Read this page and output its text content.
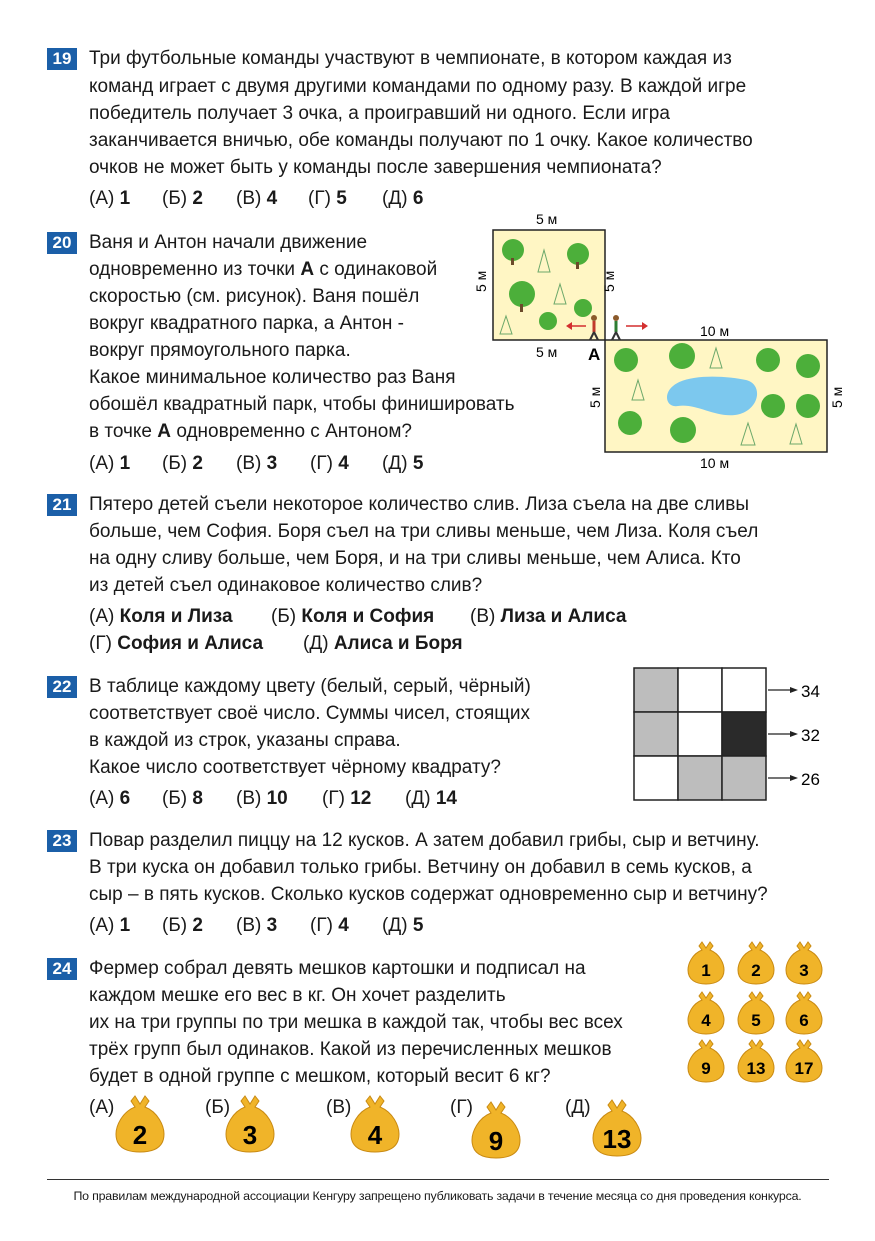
19 Три футбольные команды участвуют в чемпионате, в котором каждая из
команд играет с двумя другими командами по одному разу. В каждой игре
победитель получает 3 очка, а проигравший ни одного. Если игра
заканчивается вничью, обе команды получают по 1 очку. Какое количество
очков не может быть у команды после завершения чемпионата?
(А) 1 (Б) 2 (В) 4 (Г) 5 (Д) 6
20 Ваня и Антон начали движение
одновременно из точки А с одинаковой
скоростью (см. рисунок). Ваня пошёл
вокруг квадратного парка, а Антон -
вокруг прямоугольного парка.
Какое минимальное количество раз Ваня
обошёл квадратный парк, чтобы финишировать
в точке А одновременно с Антоном?
(А) 1 (Б) 2 (В) 3 (Г) 4 (Д) 5
5 м
5 м
5 м	5 м
А
10 м
10 м
5 м	5 м
21 Пятеро детей съели некоторое количество слив. Лиза съела на две сливы
больше, чем София. Боря съел на три сливы меньше, чем Лиза. Коля съел
на одну сливу больше, чем Боря, и на три сливы меньше, чем Алиса. Кто
из детей съел одинаковое количество слив?
(А) Коля и Лиза (Б) Коля и София (В) Лиза и Алиса
(Г) София и Алиса (Д) Алиса и Боря
22 В таблице каждому цвету (белый, серый, чёрный)
соответствует своё число. Суммы чисел, стоящих
в каждой из строк, указаны справа.
Какое число соответствует чёрному квадрату?
(А) 6 (Б) 8 (В) 10 (Г) 12 (Д) 14
34
32
26
23 Повар разделил пиццу на 12 кусков. А затем добавил грибы, сыр и ветчину.
В три куска он добавил только грибы. Ветчину он добавил в семь кусков, а
сыр – в пять кусков. Сколько кусков содержат одновременно сыр и ветчину?
(А) 1 (Б) 2 (В) 3 (Г) 4 (Д) 5
24 Фермер собрал девять мешков картошки и подписал на
каждом мешке его вес в кг. Он хочет разделить
их на три группы по три мешка в каждой так, чтобы вес всех
трёх групп был одинаков. Какой из перечисленных мешков
будет в одной группе с мешком, который весит 6 кг?
1 2 3
4 5 6
9 13 17
(А)	(Б)	(В)	(Г)	(Д)
2	3	4	9	13
По правилам международной ассоциации Кенгуру запрещено публиковать задачи в течение месяца со дня проведения конкурса.
